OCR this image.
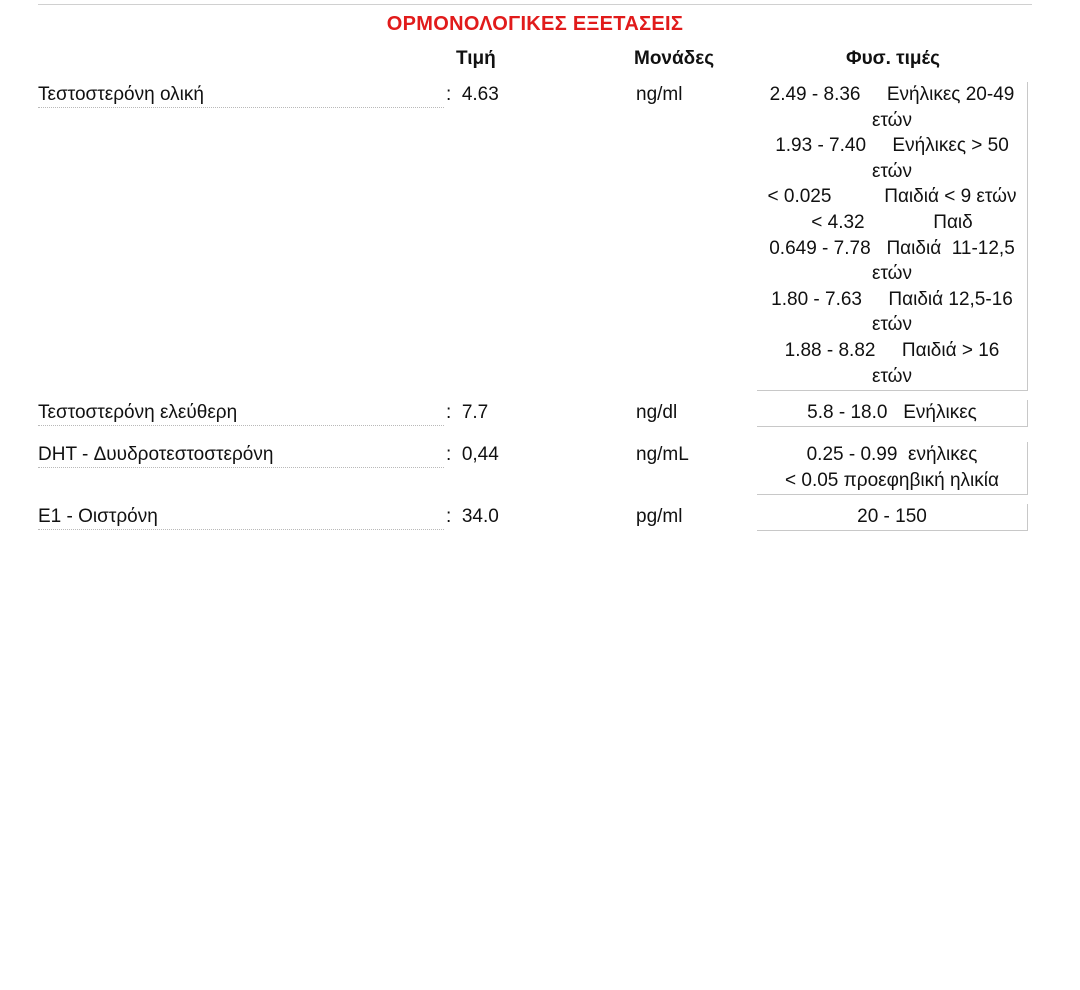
ΟΡΜΟΝΟΛΟΓΙΚΕΣ ΕΞΕΤΑΣΕΙΣ
Τιμή	Μονάδες	Φυσ. τιμές
Τεστοστερόνη ολική	:  4.63	ng/ml	2.49 - 8.36     Ενήλικες 20-49
ετών
1.93 - 7.40     Ενήλικες > 50
ετών
< 0.025          Παιδιά < 9 ετών
< 4.32             Παιδ
0.649 - 7.78   Παιδιά  11-12,5
ετών
1.80 - 7.63     Παιδιά 12,5-16
ετών
1.88 - 8.82     Παιδιά > 16
ετών
Τεστοστερόνη ελεύθερη	:  7.7	ng/dl	5.8 - 18.0   Ενήλικες
DHT - Δυυδροτεστοστερόνη	:  0,44	ng/mL	0.25 - 0.99  ενήλικες
< 0.05 προεφηβική ηλικία
E1 - Οιστρόνη	:  34.0	pg/ml	20 - 150
